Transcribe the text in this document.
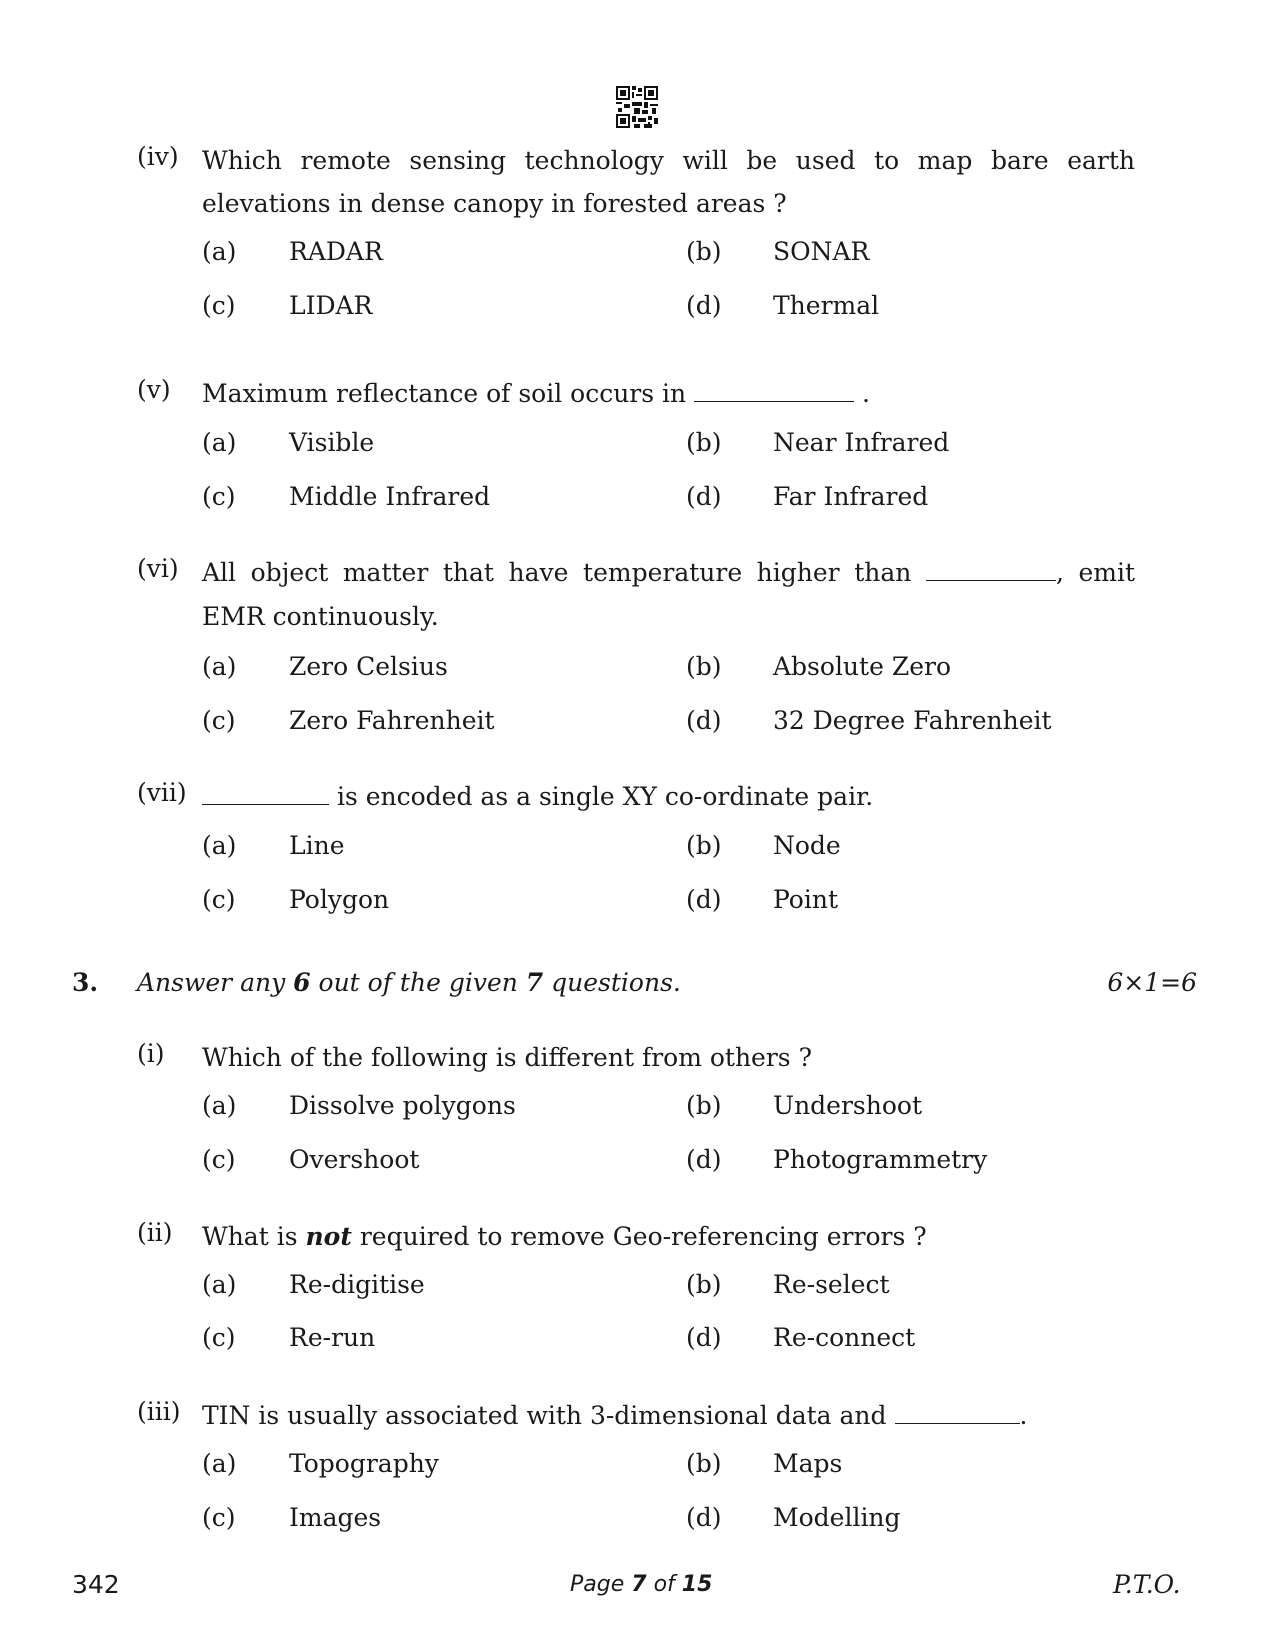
(iv) Which remote sensing technology will be used to map bare earth
elevations in dense canopy in forested areas ?
(a) RADAR	(b) SONAR
(c) LIDAR	(d) Thermal
(v) Maximum reflectance of soil occurs in	.
(a) Visible	(b) Near Infrared
(c) Middle Infrared	(d) Far Infrared
(vi) All object matter that have temperature higher than	, emit
EMR continuously.
(a) Zero Celsius	(b) Absolute Zero
(c) Zero Fahrenheit	(d) 32 Degree Fahrenheit
(vii)	is encoded as a single XY co-ordinate pair.
(a) Line	(b) Node
(c) Polygon	(d) Point
3. Answer any 6 out of the given 7 questions.	6×1=6
(i) Which of the following is different from others ?
(a) Dissolve polygons	(b) Undershoot
(c) Overshoot	(d) Photogrammetry
(ii) What is not required to remove Geo-referencing errors ?
(a) Re-digitise	(b) Re-select
(c) Re-run	(d) Re-connect
(iii) TIN is usually associated with 3-dimensional data and	.
(a) Topography	(b) Maps
(c) Images	(d) Modelling
342	Page 7 of 15	P.T.O.
